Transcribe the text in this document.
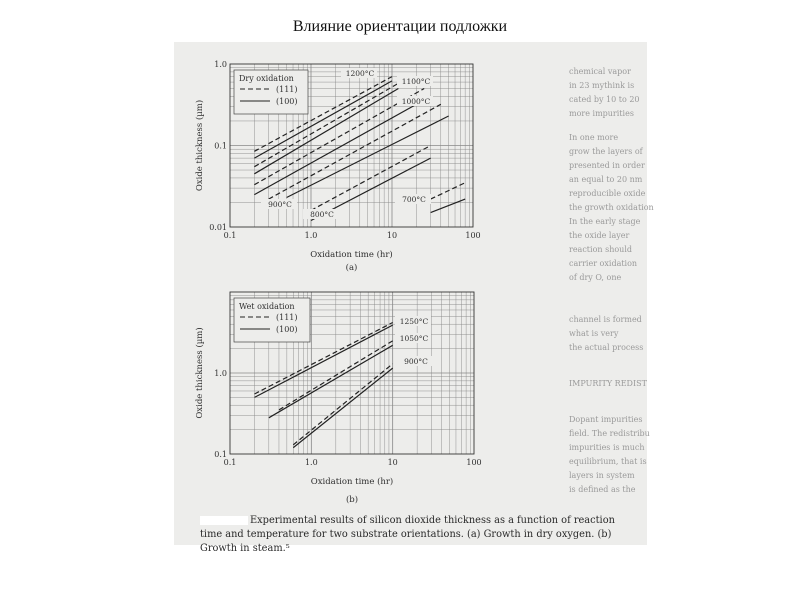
Влияние ориентации подложки
chemical vapor
in 23 mythink is
cated by 10 to 20
more impurities
In one more
grow the layers of
presented in order
an equal to 20 nm
reproducible oxide
the growth oxidation
In the early stage
the oxide layer
reaction should
carrier oxidation
of dry O, one
channel is formed
what is very
the actual process
IMPURITY REDIST
Dopant impurities
field. The redistribu
impurities is much
equilibrium, that is
layers in system
is defined as the
0.1	1.0	10	100
0.01
0.1
1.0
Oxidation time (hr)
Oxide thickness (µm)
(a)
1200°C
1100°C
1000°C
900°C
800°C
700°C
Dry oxidation
(111)
(100)
0.1	1.0	10	100
0.1
1.0
Oxidation time (hr)
Oxide thickness (µm)
(b)
1250°C
1050°C
900°C
Wet oxidation
(111)
(100)
Experimental results of silicon dioxide thickness as a function of reaction time and temperature for two substrate orientations. (a) Growth in dry oxygen. (b) Growth in steam.⁵
